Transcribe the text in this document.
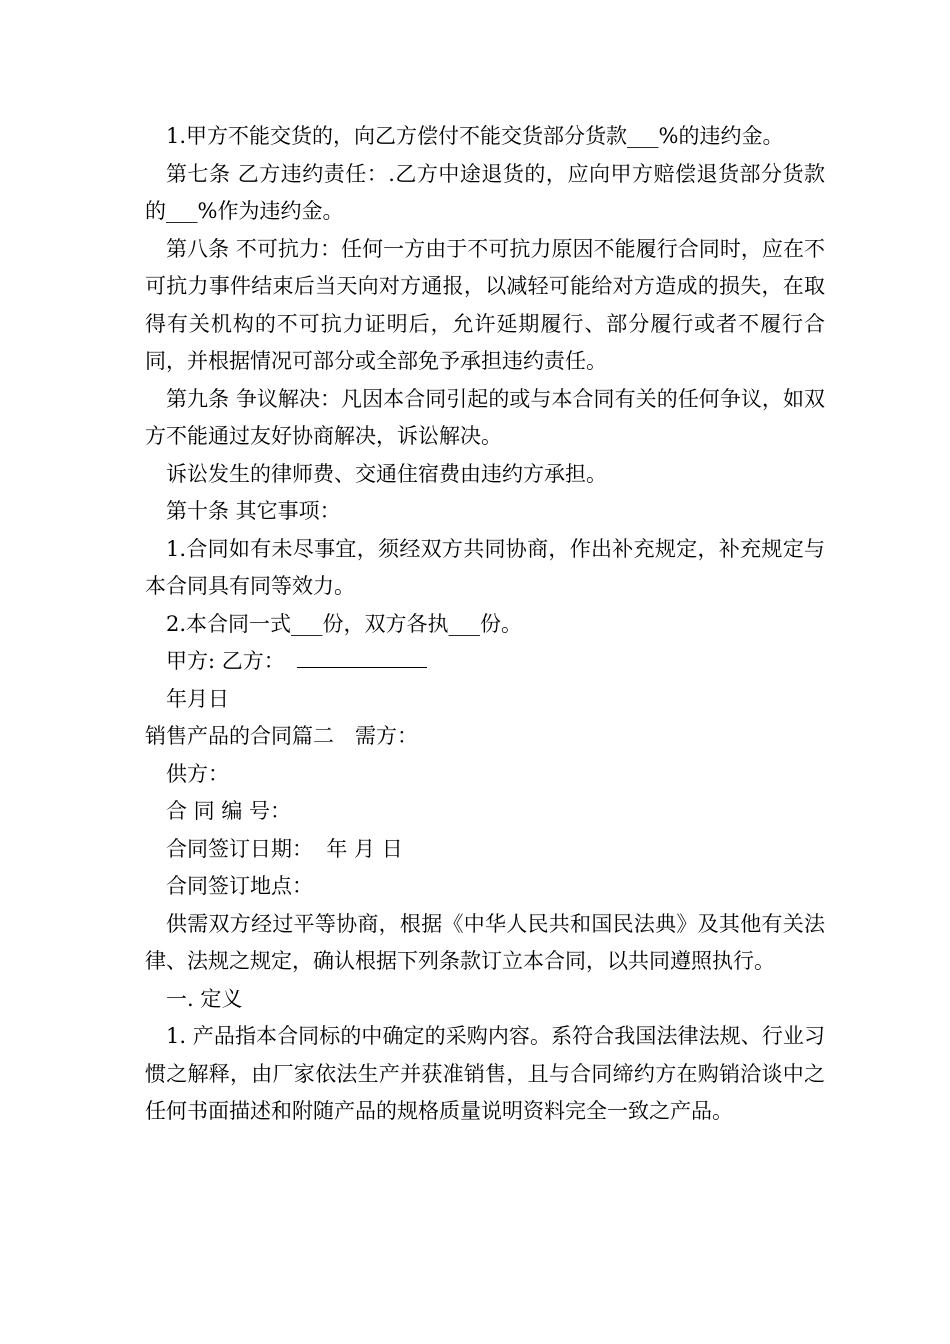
1.甲方不能交货的，向乙方偿付不能交货部分货款___%的违约金。

第七条 乙方违约责任：.乙方中途退货的，应向甲方赔偿退货部分货款的___%作为违约金。

第八条 不可抗力：任何一方由于不可抗力原因不能履行合同时，应在不可抗力事件结束后当天向对方通报，以减轻可能给对方造成的损失，在取得有关机构的不可抗力证明后，允许延期履行、部分履行或者不履行合同，并根据情况可部分或全部免予承担违约责任。

第九条 争议解决：凡因本合同引起的或与本合同有关的任何争议，如双方不能通过友好协商解决，诉讼解决。

诉讼发生的律师费、交通住宿费由违约方承担。

第十条 其它事项：

1.合同如有未尽事宜，须经双方共同协商，作出补充规定，补充规定与本合同具有同等效力。

2.本合同一式___份，双方各执___份。

甲方: 乙方：

年月日

销售产品的合同篇二　需方：

供方：

合 同 编 号：

合同签订日期：  年 月 日

合同签订地点：

供需双方经过平等协商，根据《中华人民共和国民法典》及其他有关法律、法规之规定，确认根据下列条款订立本合同，以共同遵照执行。

一. 定义

1. 产品指本合同标的中确定的采购内容。系符合我国法律法规、行业习惯之解释，由厂家依法生产并获准销售，且与合同缔约方在购销洽谈中之任何书面描述和附随产品的规格质量说明资料完全一致之产品。
